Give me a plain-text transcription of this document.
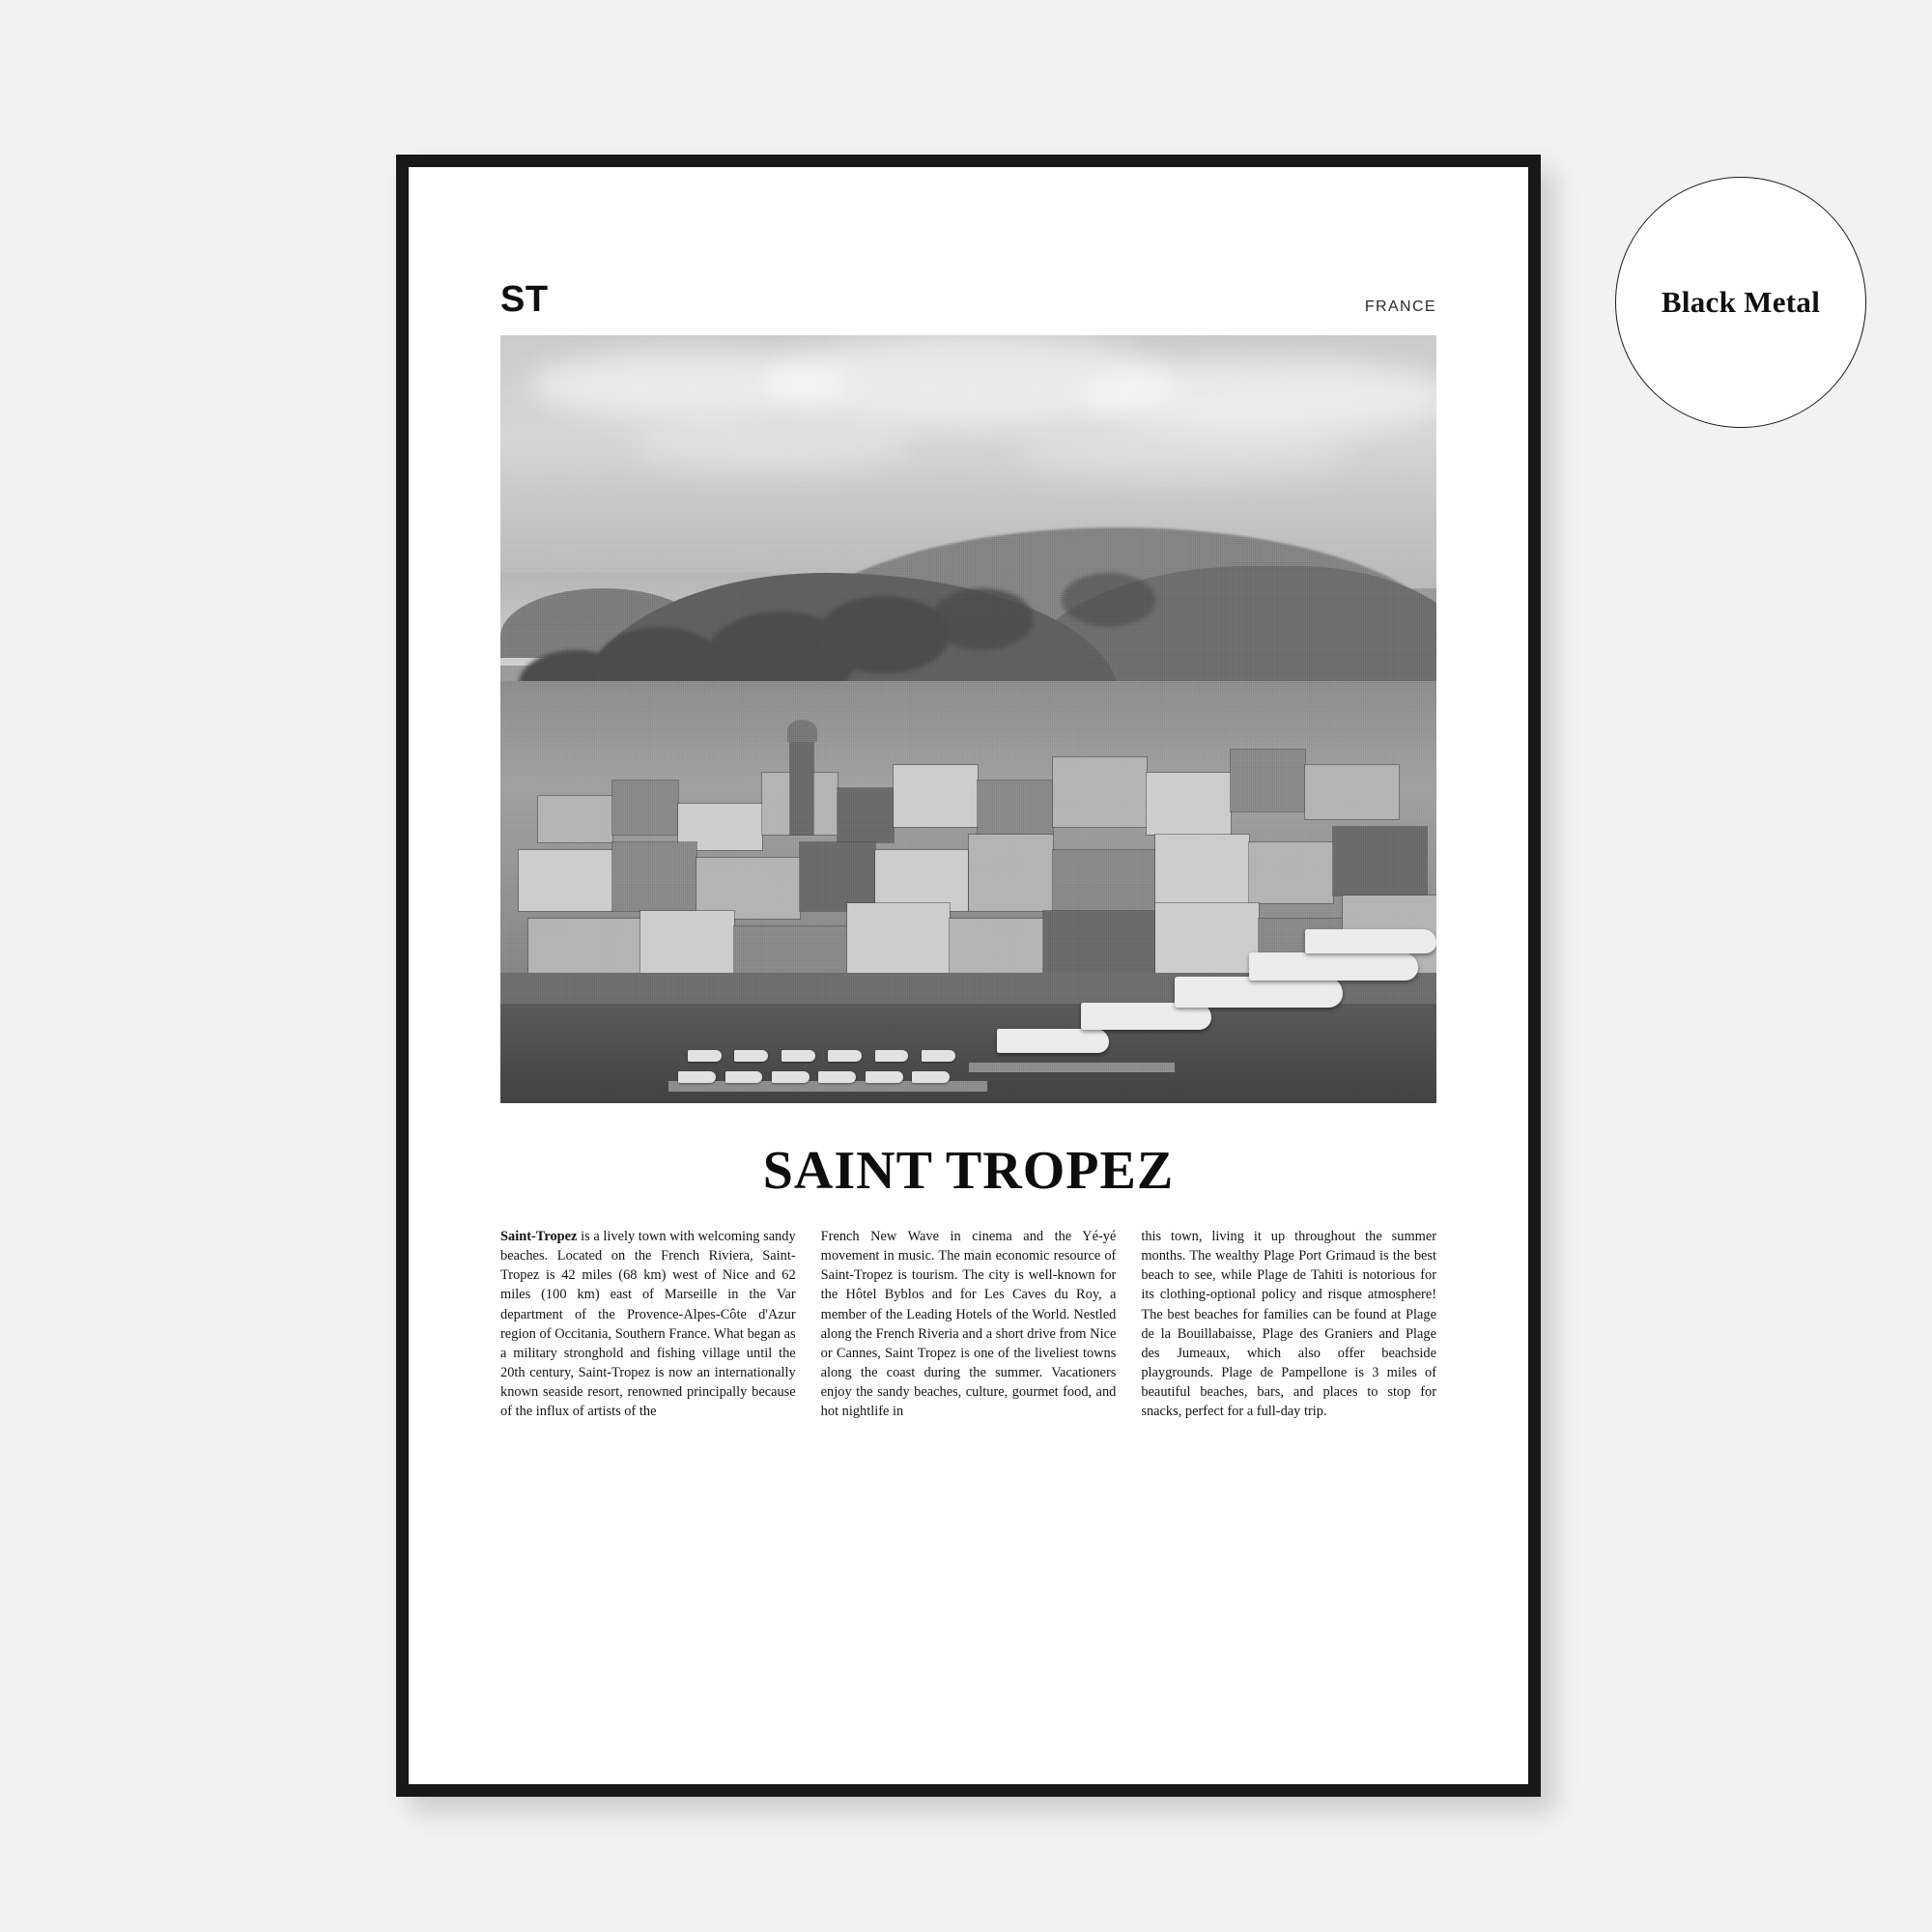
ST	FRANCE
SAINT TROPEZ
Saint-Tropez is a lively town with welcoming sandy beaches. Located on the French Riviera, Saint-Tropez is 42 miles (68 km) west of Nice and 62 miles (100 km) east of Marseille in the Var department of the Provence-Alpes-Côte d'Azur region of Occitania, Southern France. What began as a military stronghold and fishing village until the 20th century, Saint-Tropez is now an internationally known seaside resort, renowned principally because of the influx of artists of the
French New Wave in cinema and the Yé-yé movement in music. The main economic resource of Saint-Tropez is tourism. The city is well-known for the Hôtel Byblos and for Les Caves du Roy, a member of the Leading Hotels of the World. Nestled along the French Riveria and a short drive from Nice or Cannes, Saint Tropez is one of the liveliest towns along the coast during the summer. Vacationers enjoy the sandy beaches, culture, gourmet food, and hot nightlife in
this town, living it up throughout the summer months. The wealthy Plage Port Grimaud is the best beach to see, while Plage de Tahiti is notorious for its clothing-optional policy and risque atmosphere! The best beaches for families can be found at Plage de la Bouillabaisse, Plage des Graniers and Plage des Jumeaux, which also offer beachside playgrounds. Plage de Pampellone is 3 miles of beautiful beaches, bars, and places to stop for snacks, perfect for a full-day trip.
Black Metal
